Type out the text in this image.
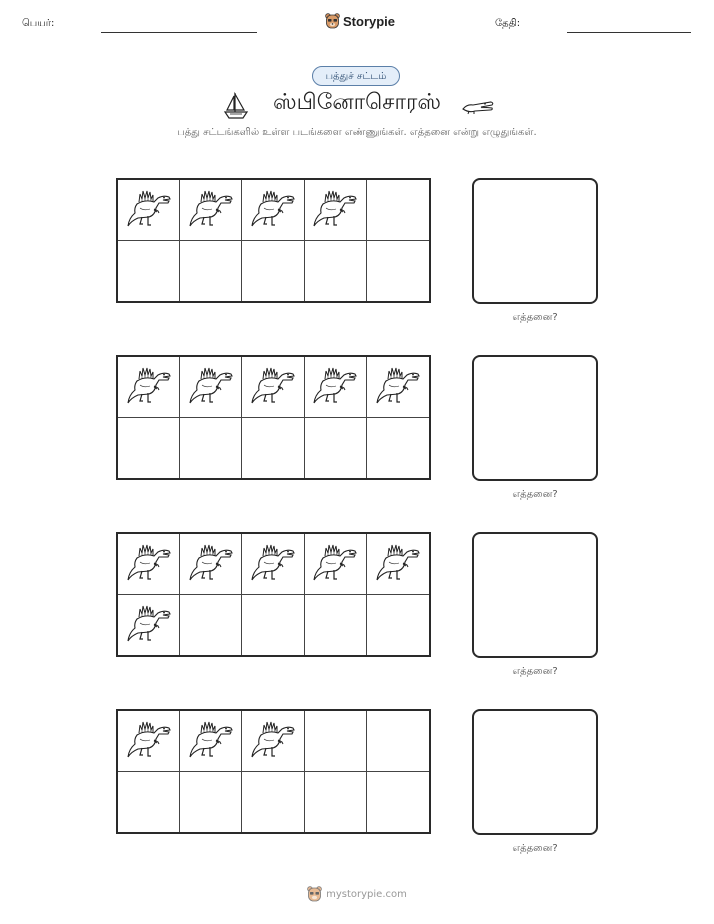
பெயர்:	Storypie	தேதி:
பத்துச் சட்டம்
ஸ்பினோசொரஸ்
பத்து சட்டங்களில் உள்ள படங்களை எண்ணுங்கள். எத்தனை என்று எழுதுங்கள்.
எத்தனை?
எத்தனை?
எத்தனை?
எத்தனை?
mystorypie.com
